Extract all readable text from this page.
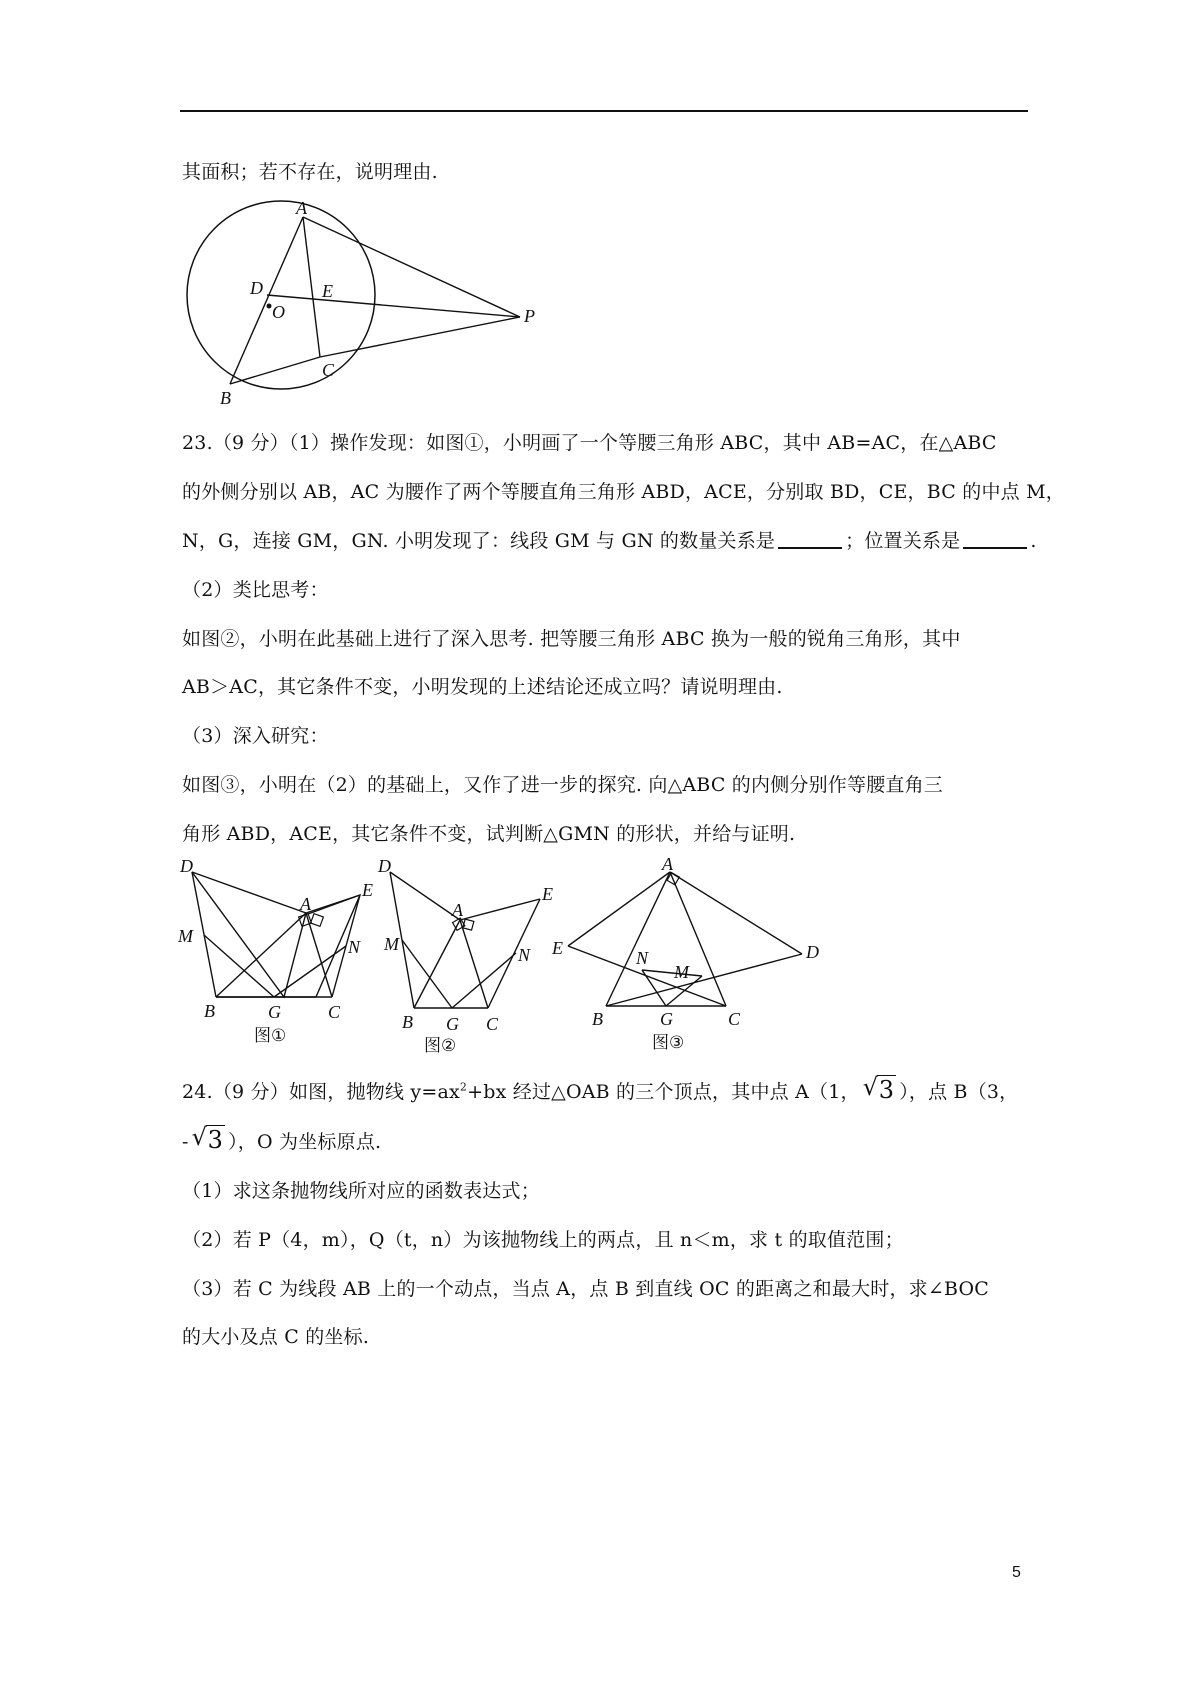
其面积；若不存在，说明理由.
A
D	E
O	P
B
C
23.（9 分）（1）操作发现：如图①，小明画了一个等腰三角形 ABC，其中 AB=AC，在△ABC
的外侧分别以 AB，AC 为腰作了两个等腰直角三角形 ABD，ACE，分别取 BD，CE，BC 的中点 M，
N，G，连接 GM，GN. 小明发现了：线段 GM 与 GN 的数量关系是	；位置关系是	.
（2）类比思考：
如图②，小明在此基础上进行了深入思考. 把等腰三角形 ABC 换为一般的锐角三角形，其中
AB＞AC，其它条件不变，小明发现的上述结论还成立吗？请说明理由.
（3）深入研究：
如图③，小明在（2）的基础上，又作了进一步的探究. 向△ABC 的内侧分别作等腰直角三
角形 ABD，ACE，其它条件不变，试判断△GMN 的形状，并给与证明.
D
E
A
M
N
B	G	C
图①
D
E
A
M
N
B G C
图②
A
E	D
N
M
B	G	C
图③
24.（9 分）如图，抛物线 $y=ax^2+bx$ 经过△OAB 的三个顶点，其中点 A（1， √ 3 ），点 B（3，
- √ 3 ），O 为坐标原点.
（1）求这条抛物线所对应的函数表达式；
（2）若 P（4，m），Q（t，n）为该抛物线上的两点，且 n＜m，求 t 的取值范围；
（3）若 C 为线段 AB 上的一个动点，当点 A，点 B 到直线 OC 的距离之和最大时，求∠BOC
的大小及点 C 的坐标.
5
